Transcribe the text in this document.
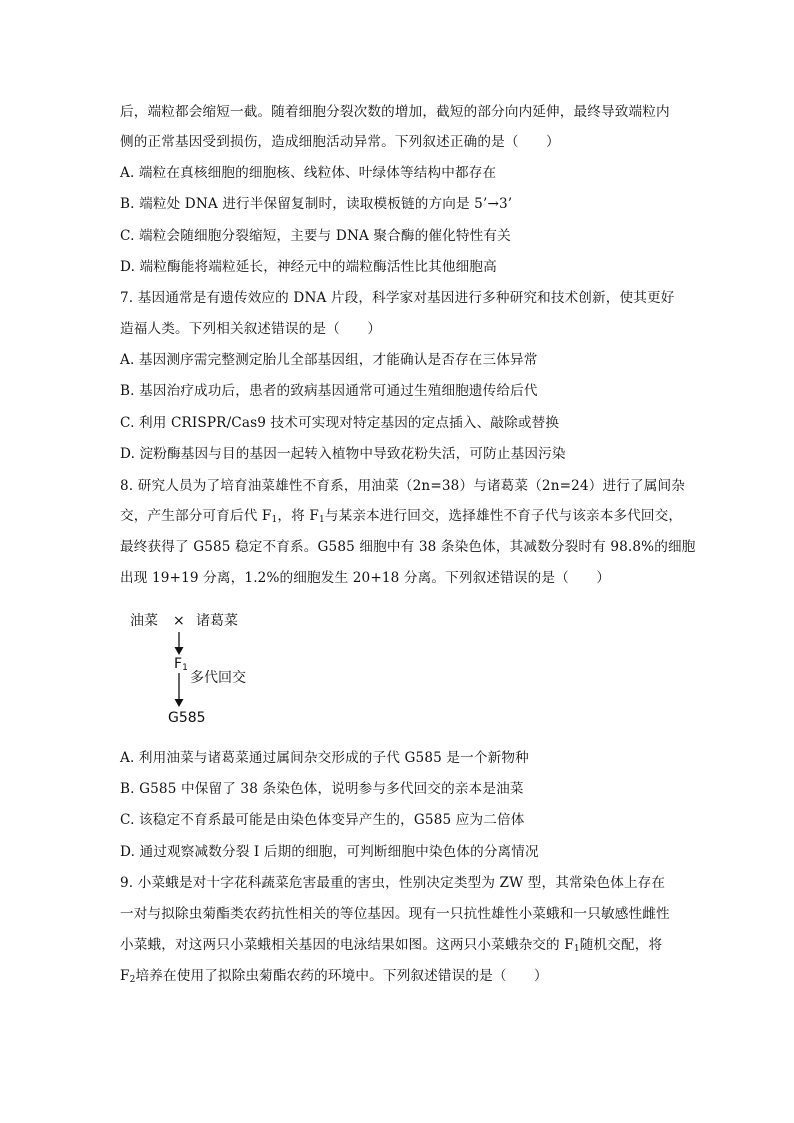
后，端粒都会缩短一截。随着细胞分裂次数的增加，截短的部分向内延伸，最终导致端粒内
侧的正常基因受到损伤，造成细胞活动异常。下列叙述正确的是（　　）
A. 端粒在真核细胞的细胞核、线粒体、叶绿体等结构中都存在
B. 端粒处 DNA 进行半保留复制时，读取模板链的方向是 5’→3’
C. 端粒会随细胞分裂缩短，主要与 DNA 聚合酶的催化特性有关
D. 端粒酶能将端粒延长，神经元中的端粒酶活性比其他细胞高
7. 基因通常是有遗传效应的 DNA 片段，科学家对基因进行多种研究和技术创新，使其更好
造福人类。下列相关叙述错误的是（　　）
A. 基因测序需完整测定胎儿全部基因组，才能确认是否存在三体异常
B. 基因治疗成功后，患者的致病基因通常可通过生殖细胞遗传给后代
C. 利用 CRISPR/Cas9 技术可实现对特定基因的定点插入、敲除或替换
D. 淀粉酶基因与目的基因一起转入植物中导致花粉失活，可防止基因污染
8. 研究人员为了培育油菜雄性不育系，用油菜（2n=38）与诸葛菜（2n=24）进行了属间杂
交，产生部分可育后代 $F_1$，将 $F_1$与某亲本进行回交，选择雄性不育子代与该亲本多代回交，
最终获得了 G585 稳定不育系。G585 细胞中有 38 条染色体，其减数分裂时有 98.8%的细胞
出现 19+19 分离，1.2%的细胞发生 20+18 分离。下列叙述错误的是（　　）
油菜 × 诸葛菜
$F_1$
多代回交
G585
A. 利用油菜与诸葛菜通过属间杂交形成的子代 G585 是一个新物种
B. G585 中保留了 38 条染色体，说明参与多代回交的亲本是油菜
C. 该稳定不育系最可能是由染色体变异产生的，G585 应为二倍体
D. 通过观察减数分裂 I 后期的细胞，可判断细胞中染色体的分离情况
9. 小菜蛾是对十字花科蔬菜危害最重的害虫，性别决定类型为 ZW 型，其常染色体上存在
一对与拟除虫菊酯类农药抗性相关的等位基因。现有一只抗性雄性小菜蛾和一只敏感性雌性
小菜蛾，对这两只小菜蛾相关基因的电泳结果如图。这两只小菜蛾杂交的 $F_1$随机交配，将
$F_2$培养在使用了拟除虫菊酯农药的环境中。下列叙述错误的是（　　）
